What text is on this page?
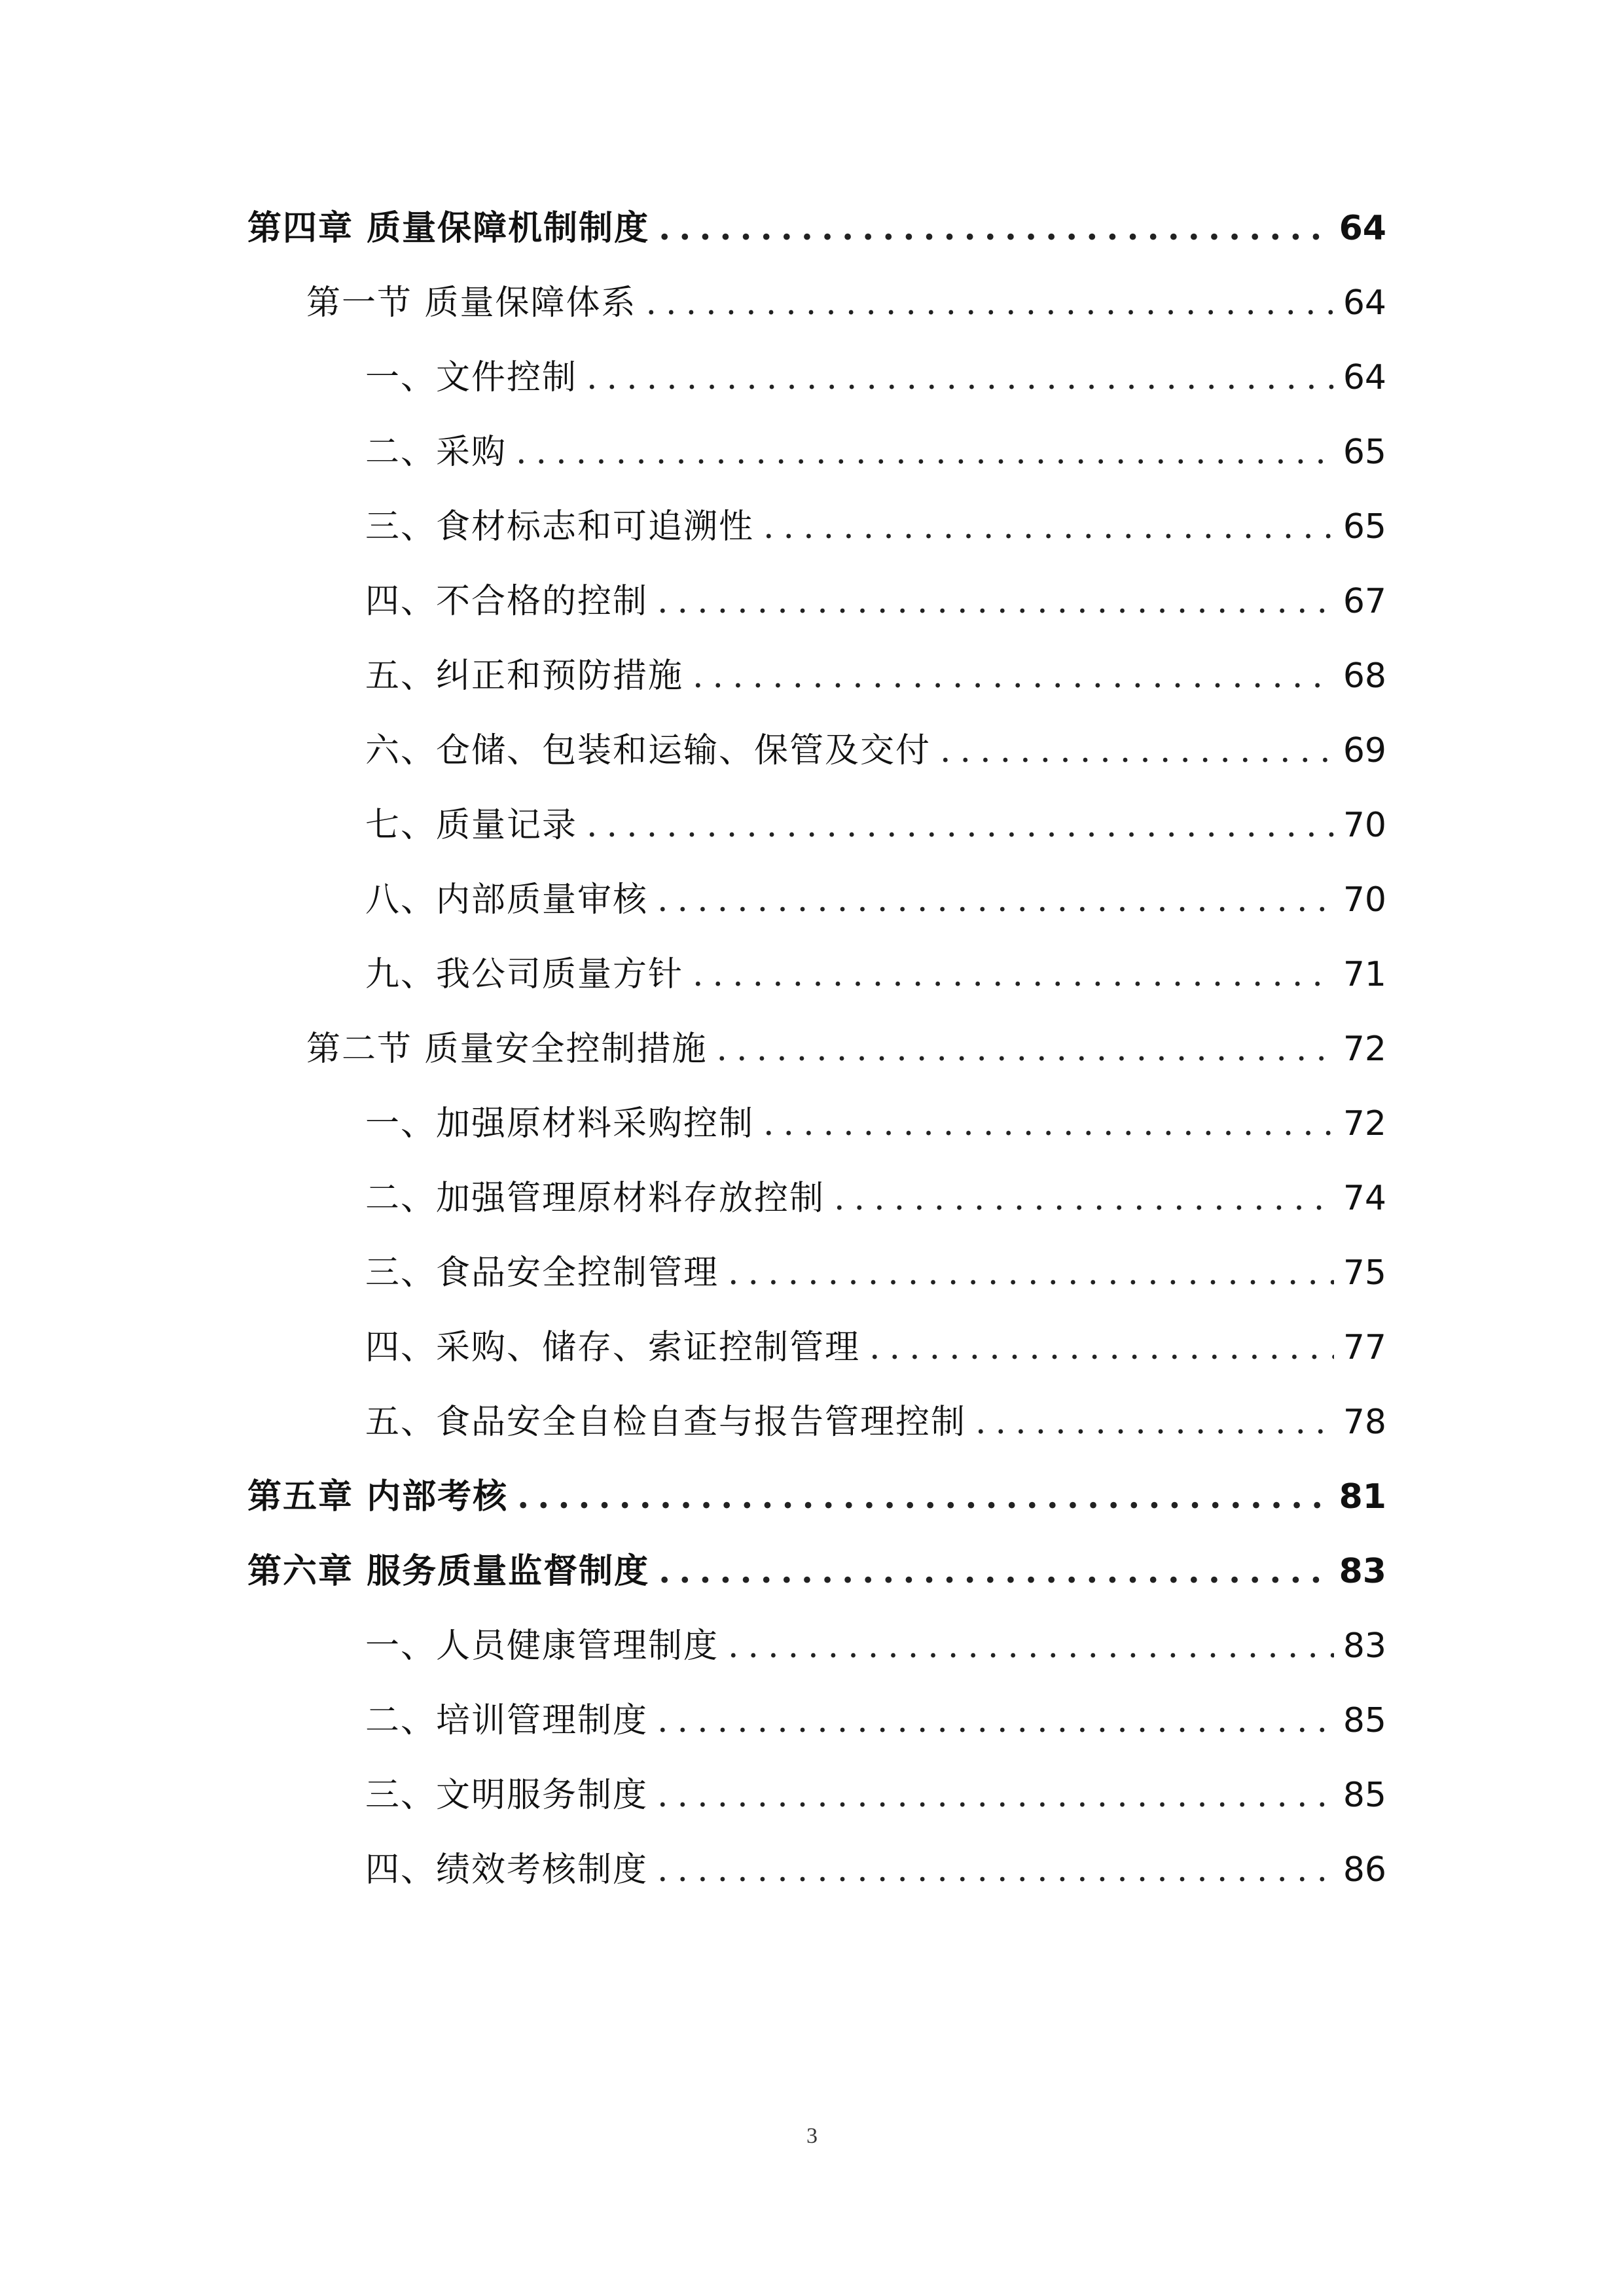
第四章 质量保障机制制度 .....	64
第一节 质量保障体系 .....	64
一、文件控制 .....	64
二、采购 .....	65
三、食材标志和可追溯性 .....	65
四、不合格的控制 .....	67
五、纠正和预防措施 .....	68
六、仓储、包装和运输、保管及交付 .....	69
七、质量记录 .....	70
八、内部质量审核 .....	70
九、我公司质量方针 .....	71
第二节 质量安全控制措施 .....	72
一、加强原材料采购控制 .....	72
二、加强管理原材料存放控制 .....	74
三、食品安全控制管理 .....	75
四、采购、储存、索证控制管理 .....	77
五、食品安全自检自查与报告管理控制 .....	78
第五章 内部考核 .....	81
第六章 服务质量监督制度 .....	83
一、人员健康管理制度 .....	83
二、培训管理制度 .....	85
三、文明服务制度 .....	85
四、绩效考核制度 .....	86
3
